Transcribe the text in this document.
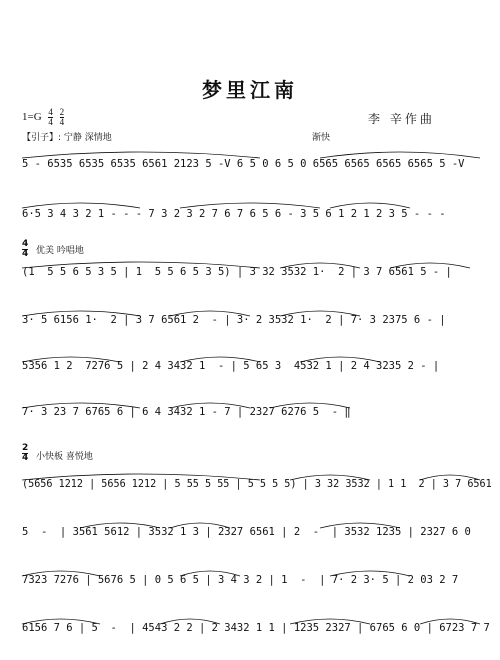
梦里江南
$1=G \frac{4}{4}$
$\frac{2}{4}$	李 辛作曲
【引子】: 宁静 深情地	渐快
5 - 6535 6535 6535 6561 2123 5 -V 6 5 0 6 5 0 6565 6565 6565 6565 5 -V
6·5 3 4 3 2 1 - - - 7 3 2 3 2 7 6 7 6 5 6 - 3 5 6 1 2 1 2 3 5 - - -
4
4 优美 吟唱地
(1  5 5 6 5 3 5 | 1  5 5 6 5 3 5) | 3 32 3532 1·  2 | 3 7 6561 5 - |
3· 5 6156 1·  2 | 3 7 6561 2  - | 3· 2 3532 1·  2 | 7· 3 2375 6 - |
5356 1 2  7276 5 | 2 4 3432 1  - | 5 65 3  4532 1 | 2 4 3235 2 - |
7· 3 23 7 6765 6 | 6 4 3432 1 - 7 | 2327 6276 5  - ‖
2
4 小快板 喜悦地
(5656 1212 | 5656 1212 | 5 55 5 55 | 5 5 5 5) | 3 32 3532 | 1 1  2 | 3 7 6561
5  -  | 3561 5612 | 3532 1 3 | 2327 6561 | 2  -  | 3532 1235 | 2327 6 0
7323 7276 | 5676 5 | 0 5 6 5 | 3 4 3 2 | 1  -  | 7· 2 3· 5 | 2 03 2 7
6156 7 6 | 5  -  | 4543 2 2 | 2 3432 1 1 | 1235 2327 | 6765 6 0 | 6723 7 7
